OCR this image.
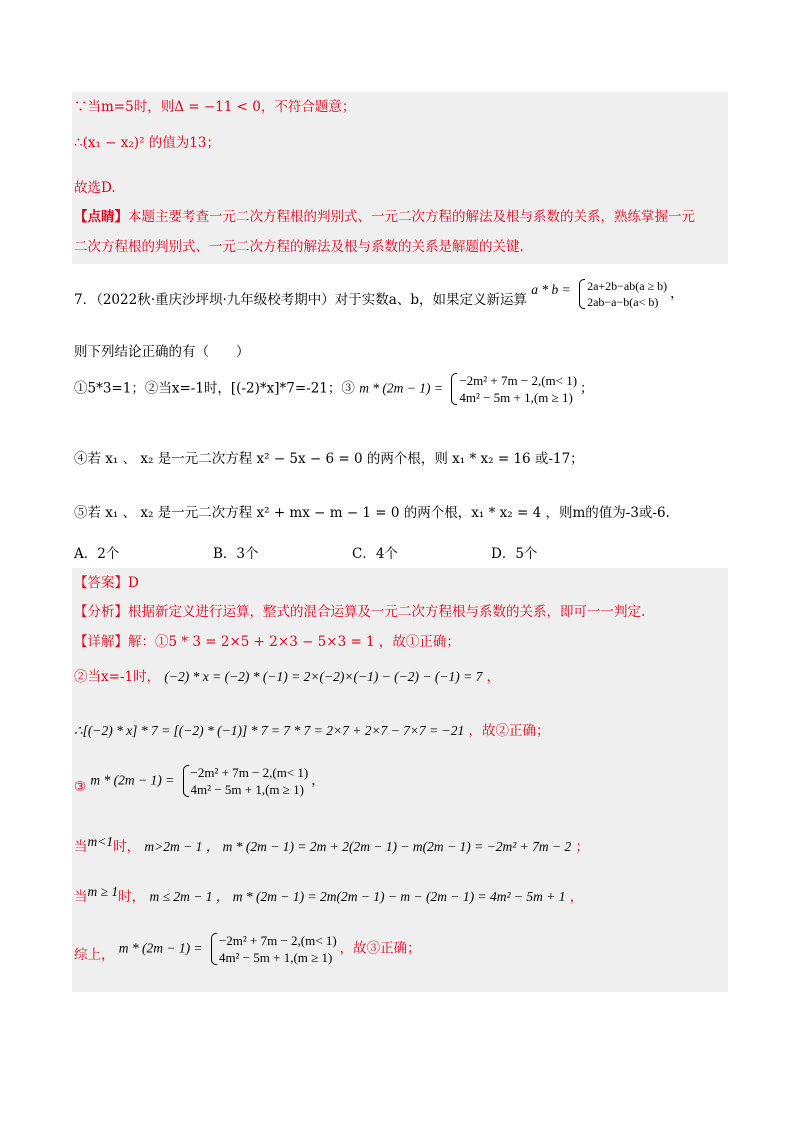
∵当m=5时，则Δ = −11 < 0，不符合题意；
∴(x₁ − x₂)² 的值为13；
故选D.
【点睛】本题主要考查一元二次方程根的判别式、一元二次方程的解法及根与系数的关系，熟练掌握一元
二次方程根的判别式、一元二次方程的解法及根与系数的关系是解题的关键.
7．（2022秋·重庆沙坪坝·九年级校考期中）对于实数a、b，如果定义新运算 a * b = 2a+2b−ab(a ≥ b)
2ab−a−b(a< b)
，
则下列结论正确的有（　　）
①5*3=1；②当x=-1时，[(-2)*x]*7=-21；③ m * (2m − 1) = −2m² + 7m − 2,(m< 1)
4m² − 5m + 1,(m ≥ 1)
；
④若 x₁ 、 x₂ 是一元二次方程 x² − 5x − 6 = 0 的两个根，则 x₁ * x₂ = 16 或-17；
⑤若 x₁ 、 x₂ 是一元二次方程 x² + mx − m − 1 = 0 的两个根，x₁ * x₂ = 4 ，则m的值为-3或-6.
A．2个	B．3个	C．4个	D．5个
【答案】D
【分析】根据新定义进行运算，整式的混合运算及一元二次方程根与系数的关系，即可一一判定.
【详解】解：①5 * 3 = 2×5 + 2×3 − 5×3 = 1 ，故①正确；
②当x=-1时， (−2) * x = (−2) * (−1) = 2×(−2)×(−1) − (−2) − (−1) = 7 ，
∴[(−2) * x] * 7 = [(−2) * (−1)] * 7 = 7 * 7 = 2×7 + 2×7 − 7×7 = −21 ，故②正确；
③ m * (2m − 1) = −2m² + 7m − 2,(m< 1)
4m² − 5m + 1,(m ≥ 1)
，
当m<1时， m>2m − 1 ， m * (2m − 1) = 2m + 2(2m − 1) − m(2m − 1) = −2m² + 7m − 2 ；
当m ≥ 1时， m ≤ 2m − 1 ， m * (2m − 1) = 2m(2m − 1) − m − (2m − 1) = 4m² − 5m + 1 ，
综上， m * (2m − 1) = −2m² + 7m − 2,(m< 1)
4m² − 5m + 1,(m ≥ 1)
，故③正确；
